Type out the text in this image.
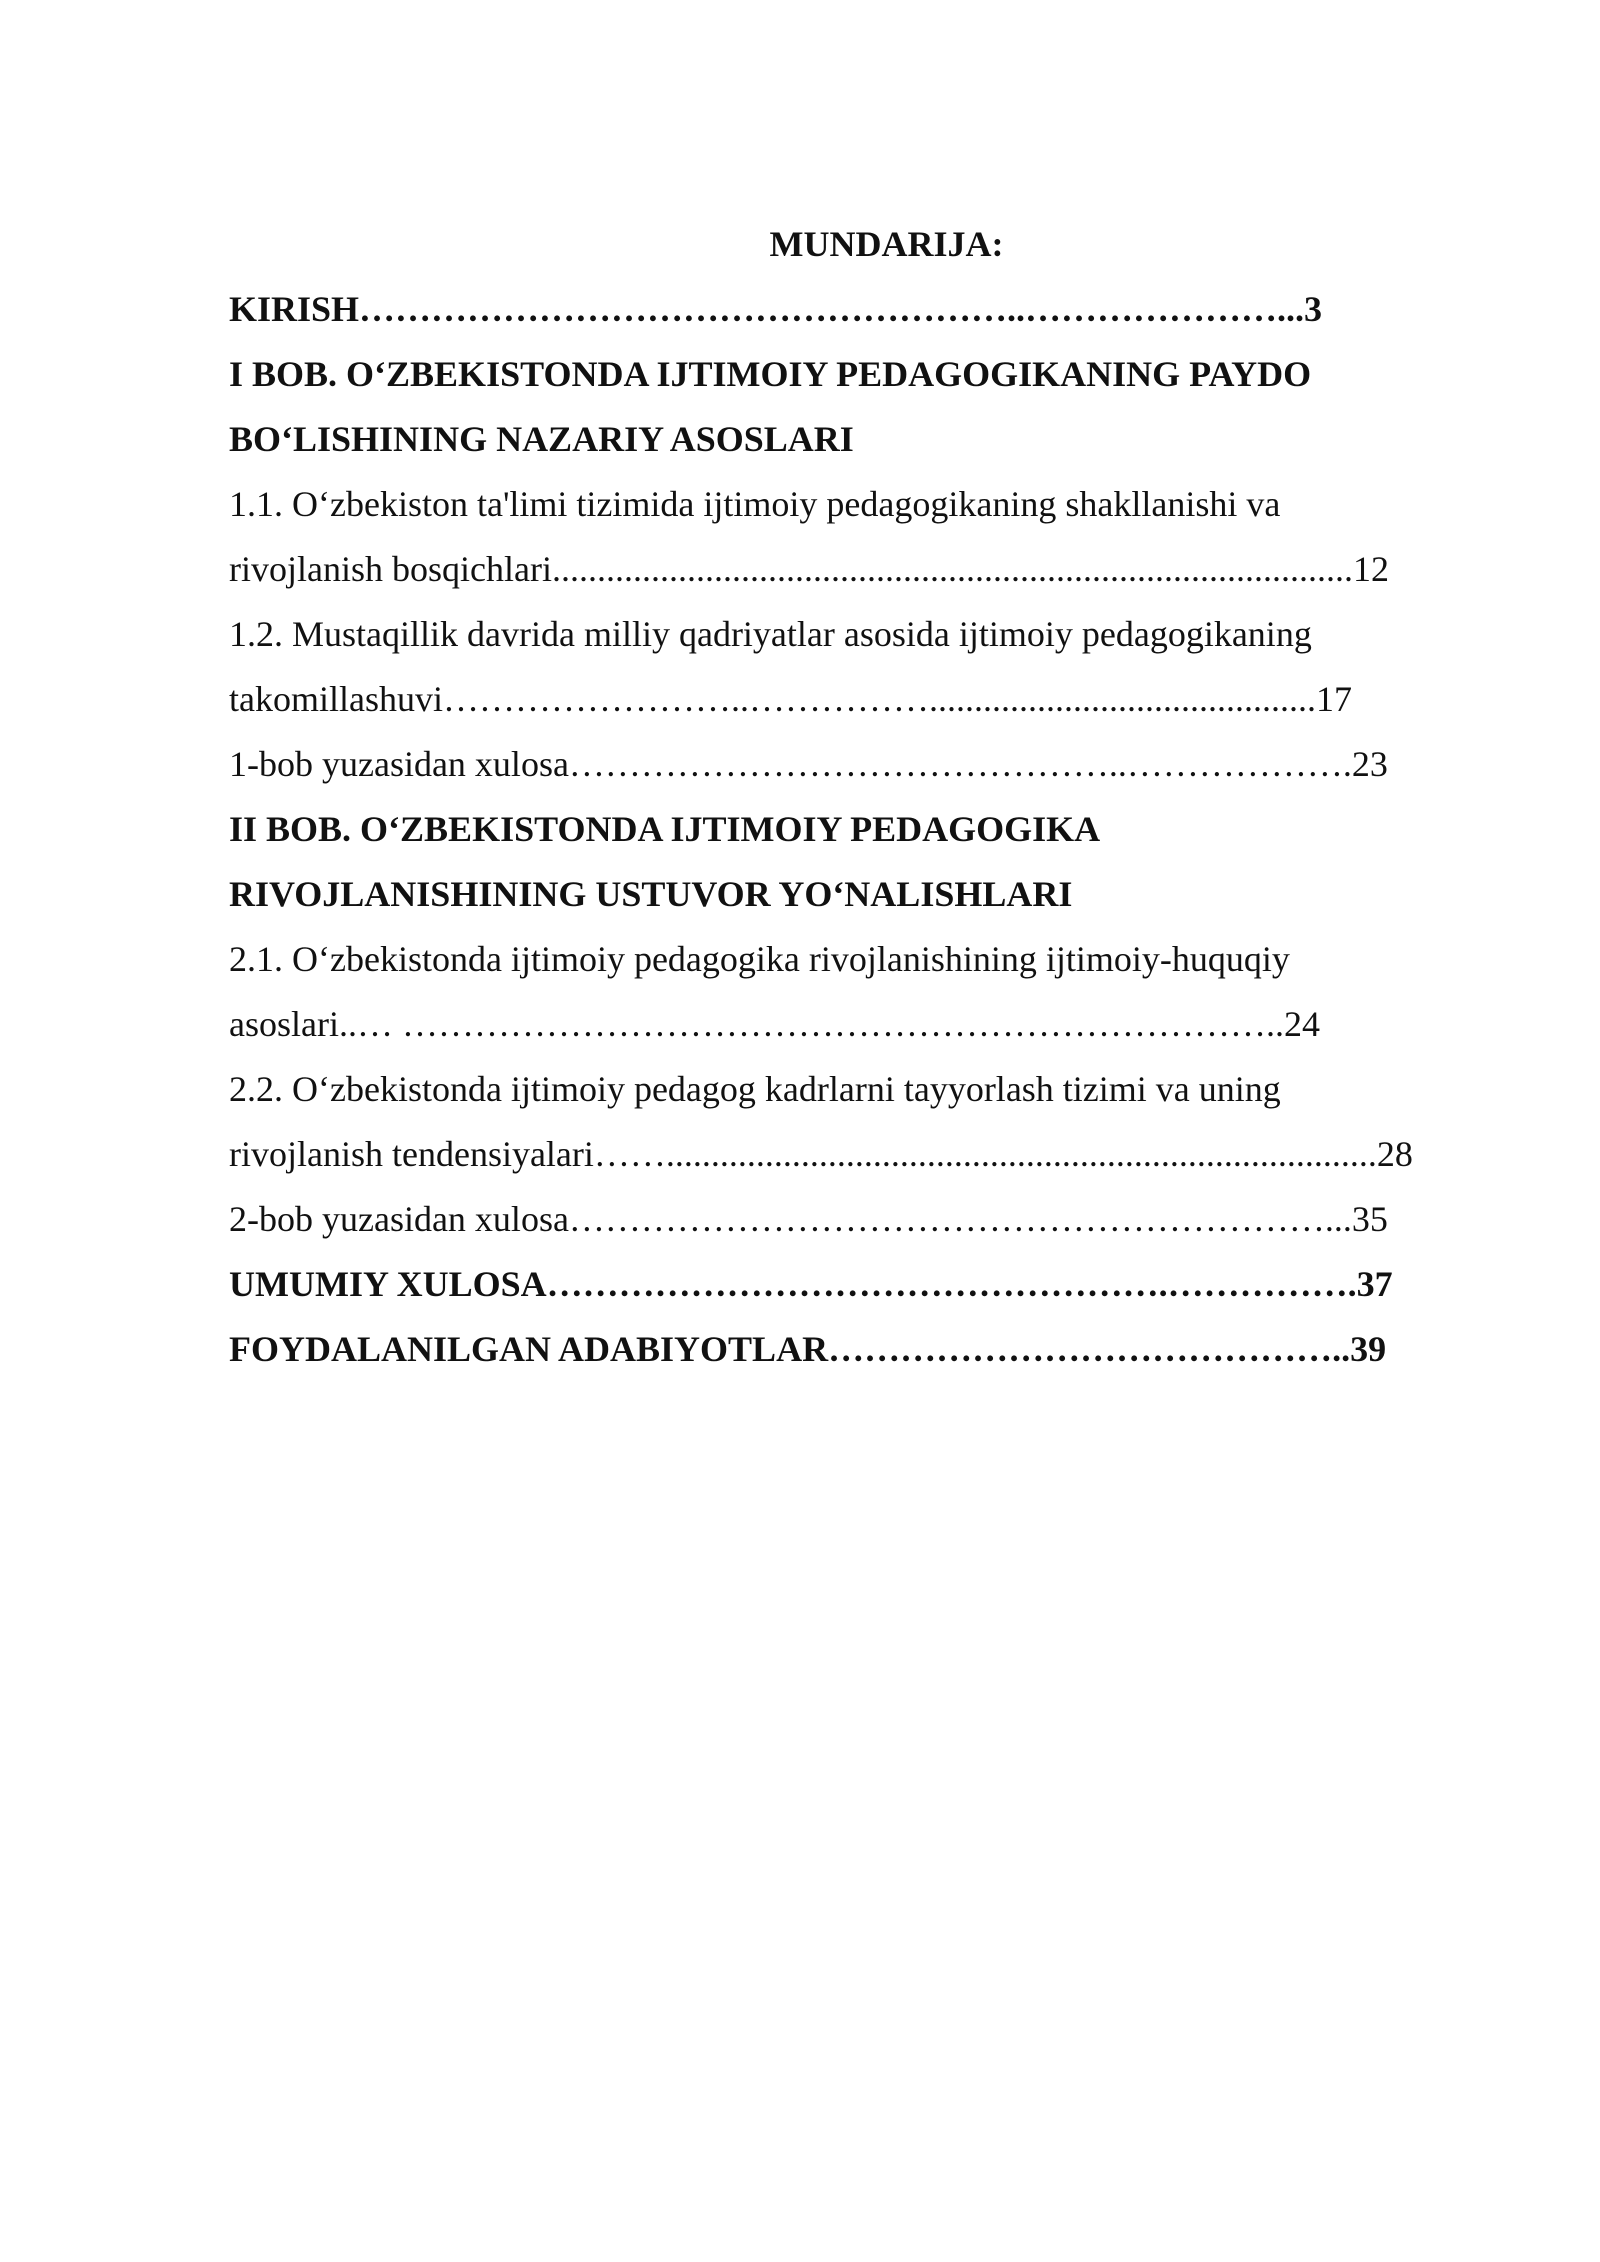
MUNDARIJA:
KIRISH………………………………………………..…………………...3
I BOB. O‘ZBEKISTONDA IJTIMOIY PEDAGOGIKANING PAYDO
BO‘LISHINING NAZARIY ASOSLARI
1.1. O‘zbekiston ta'limi tizimida ijtimoiy pedagogikaning shakllanishi va
rivojlanish bosqichlari.........................................................................................12
1.2. Mustaqillik davrida milliy qadriyatlar asosida ijtimoiy pedagogikaning
takomillashuvi……………………..……………...........................................17
1-bob yuzasidan xulosa………………………………………..……………….23
II BOB. O‘ZBEKISTONDA IJTIMOIY PEDAGOGIKA
RIVOJLANISHINING USTUVOR YO‘NALISHLARI
2.1. O‘zbekistonda ijtimoiy pedagogika rivojlanishining ijtimoiy-huquqiy
asoslari..… ………………………………………………………………..24
2.2. O‘zbekistonda ijtimoiy pedagog kadrlarni tayyorlash tizimi va uning
rivojlanish tendensiyalari……...............................................................................28
2-bob yuzasidan xulosa………………………………………………………...35
UMUMIY XULOSA…………………………………………….…………….37
FOYDALANILGAN ADABIYOTLAR……………………………………..39
